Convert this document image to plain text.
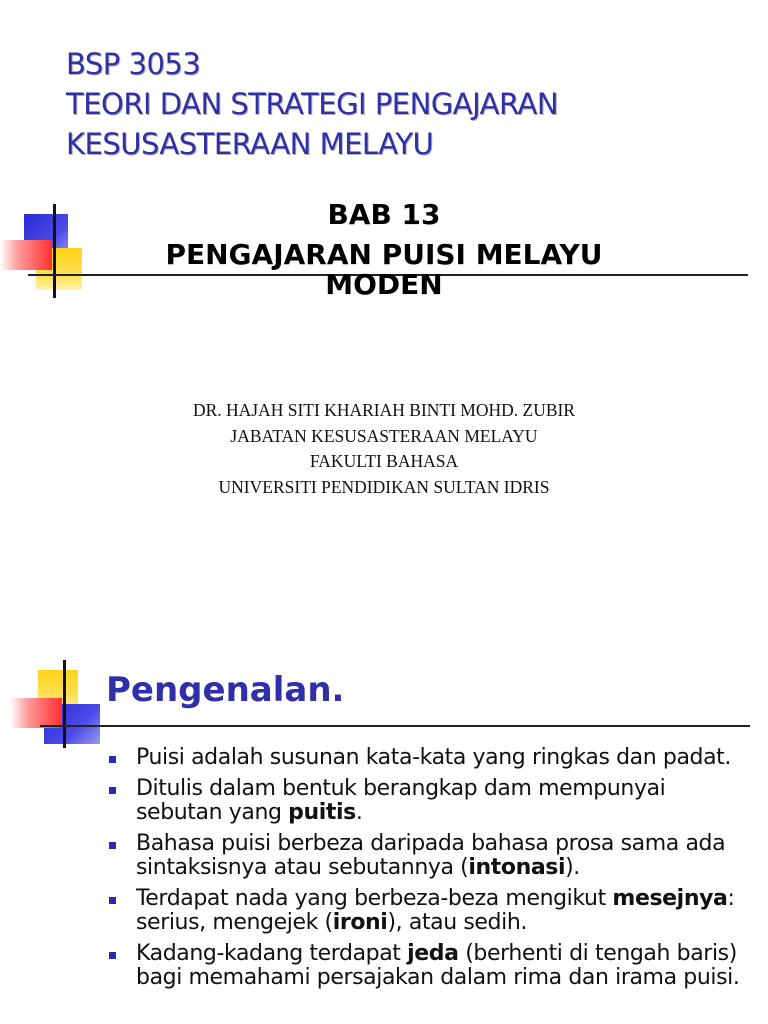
BSP 3053
TEORI DAN STRATEGI PENGAJARAN
KESUSASTERAAN MELAYU
BAB 13
PENGAJARAN PUISI MELAYU
MODEN
DR. HAJAH SITI KHARIAH BINTI MOHD. ZUBIR
JABATAN KESUSASTERAAN MELAYU
FAKULTI BAHASA
UNIVERSITI PENDIDIKAN SULTAN IDRIS
Pengenalan.
Puisi adalah susunan kata-kata yang ringkas dan padat.
Ditulis dalam bentuk berangkap dam mempunyai sebutan yang puitis.
Bahasa puisi berbeza daripada bahasa prosa sama ada sintaksisnya atau sebutannya (intonasi).
Terdapat nada yang berbeza-beza mengikut mesejnya: serius, mengejek (ironi), atau sedih.
Kadang-kadang terdapat jeda (berhenti di tengah baris) bagi memahami persajakan dalam rima dan irama puisi.
